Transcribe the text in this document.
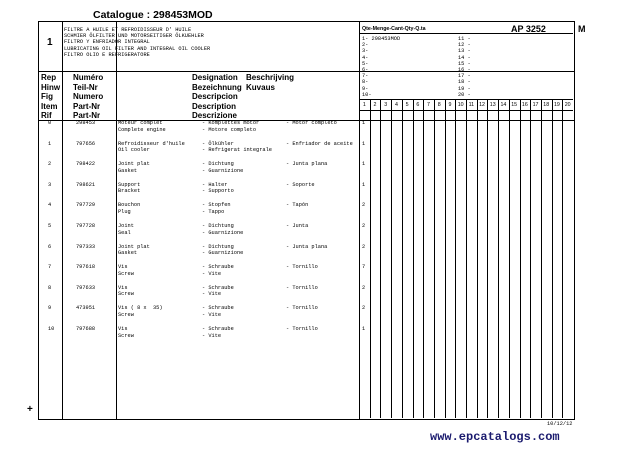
Catalogue : 298453MOD
AP 3252	M
1
FILTRE A HUILE ET REFROIDISSEUR D' HUILE
SCHMIER ÖLFILTER UND MOTORSEITIGER ÖLKUEHLER
FILTRO Y ENFRIADOR INTEGRAL
LUBRICATING OIL FILTER AND INTEGRAL OIL COOLER
FILTRO OLIO E REFRIGERATORE
Qte-Menge-Cant-Qty-Q.ta
1- 298453MOD
2-
3-
4-
5-
6-
7-
8-
9-
10-
11 -
12 -
13 -
14 -
15 -
16 -
17 -
18 -
19 -
20 -
1	2	3	4	5	6	7	8	9	10 11 12 13 14 15 16 17 18 19 20
Rep
Hinw
Fig
Item
Rif
Numéro
Teil-Nr
Numero
Part-Nr
Part-Nr
Designation
Bezeichnung
Descripcion
Description
Descrizione
Beschrijving
Kuvaus
0	298453	Moteur complet	- Komplettes motor	- Motor completo	1
Complete engine	- Motore completo
1	797656	Refroidisseur d'huile	- Ölkühler	- Enfriador de aceite 1
Oil cooler	- Refrigerat integrale
2	798422	Joint plat	- Dichtung	- Junta plana	1
Gasket	- Guarnizione
3	798621	Support	- Halter	- Soporte	1
Bracket	- Supporto
4	797729	Bouchon	- Stopfen	- Tapón	2
Plug	- Tappo
5	797728	Joint	- Dichtung	- Junta	2
Seal	- Guarnizione
6	797333	Joint plat	- Dichtung	- Junta plana	2
Gasket	- Guarnizione
7	797618	Vis	- Schraube	- Tornillo	7
Screw	- Vite
8	797633	Vis	- Schraube	- Tornillo	2
Screw	- Vite
9	473951	Vis ( 8 x  35)	- Schraube	- Tornillo	2
Screw	- Vite
10	797688	Vis	- Schraube	- Tornillo	1
Screw	- Vite
+
10/12/12
www.epcatalogs.com
